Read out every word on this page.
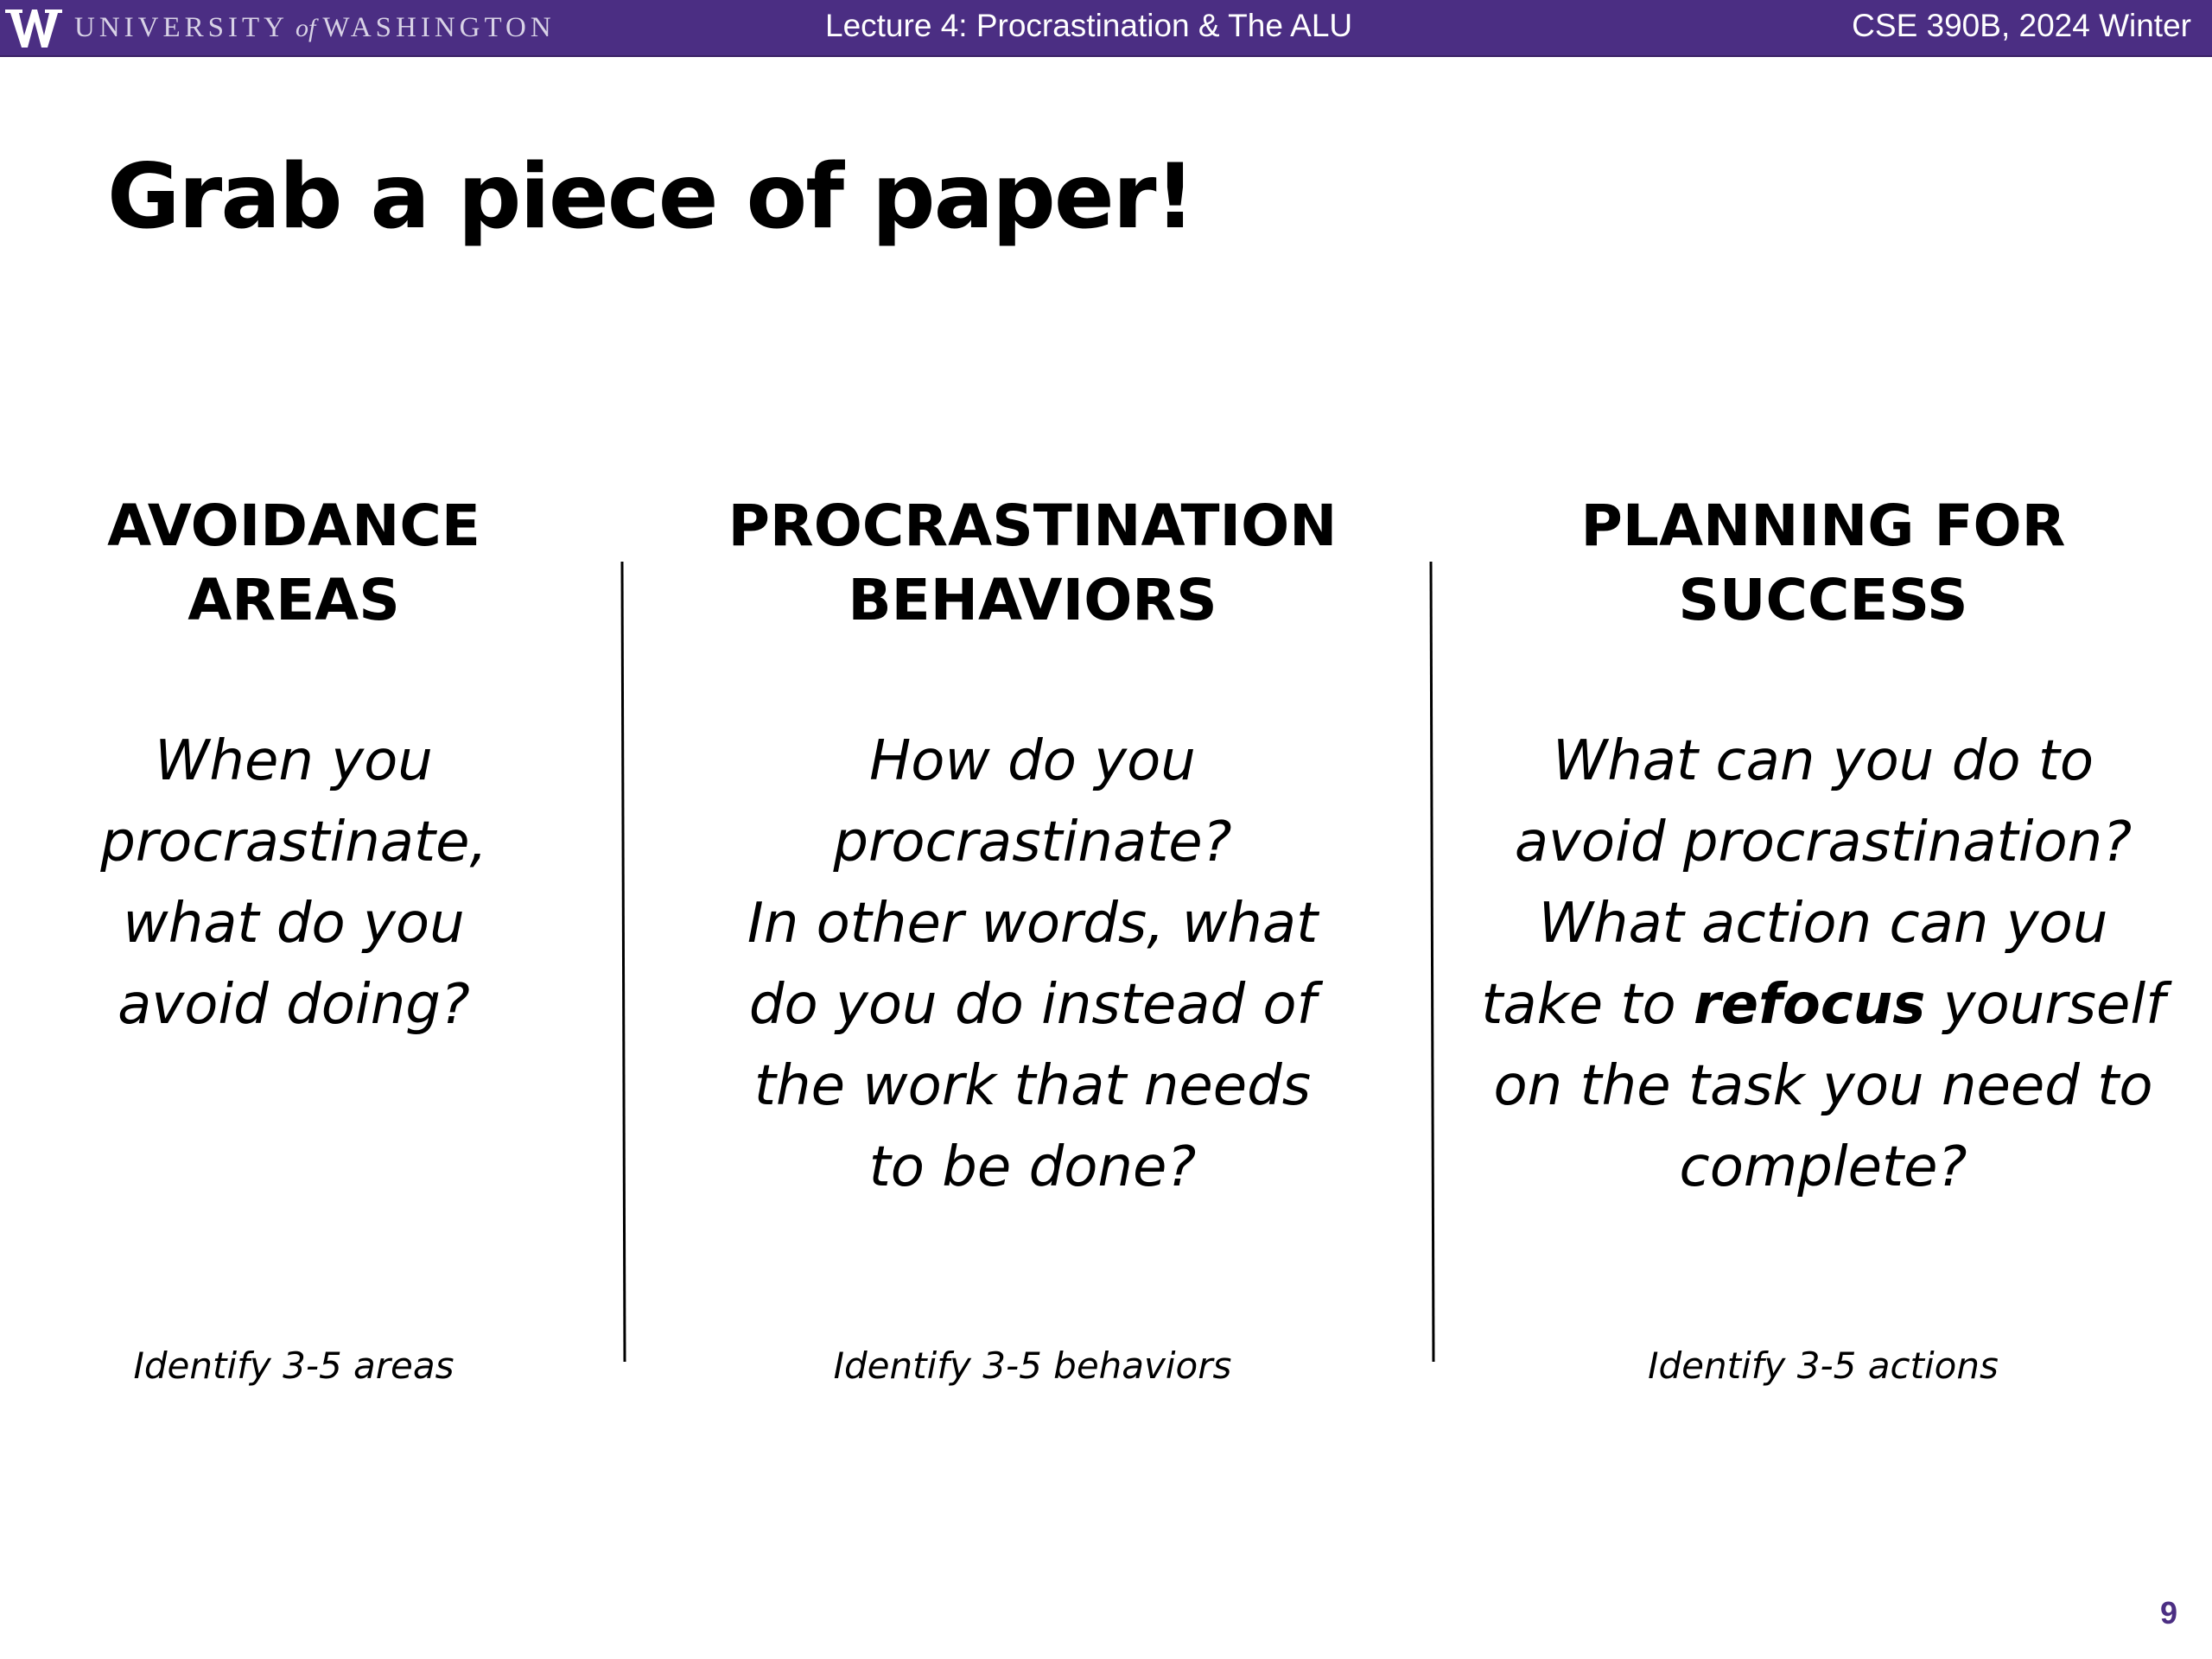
UNIVERSITY of WASHINGTON	Lecture 4: Procrastination & The ALU	CSE 390B, 2024 Winter
Grab a piece of paper!

AVOIDANCE
AREAS

When you
procrastinate,
what do you
avoid doing?

Identify 3-5 areas

PROCRASTINATION
BEHAVIORS

How do you
procrastinate?
In other words, what
do you do instead of
the work that needs
to be done?

Identify 3-5 behaviors

PLANNING FOR
SUCCESS

What can you do to
avoid procrastination?
What action can you
take to refocus yourself
on the task you need to
complete?

Identify 3-5 actions

9
